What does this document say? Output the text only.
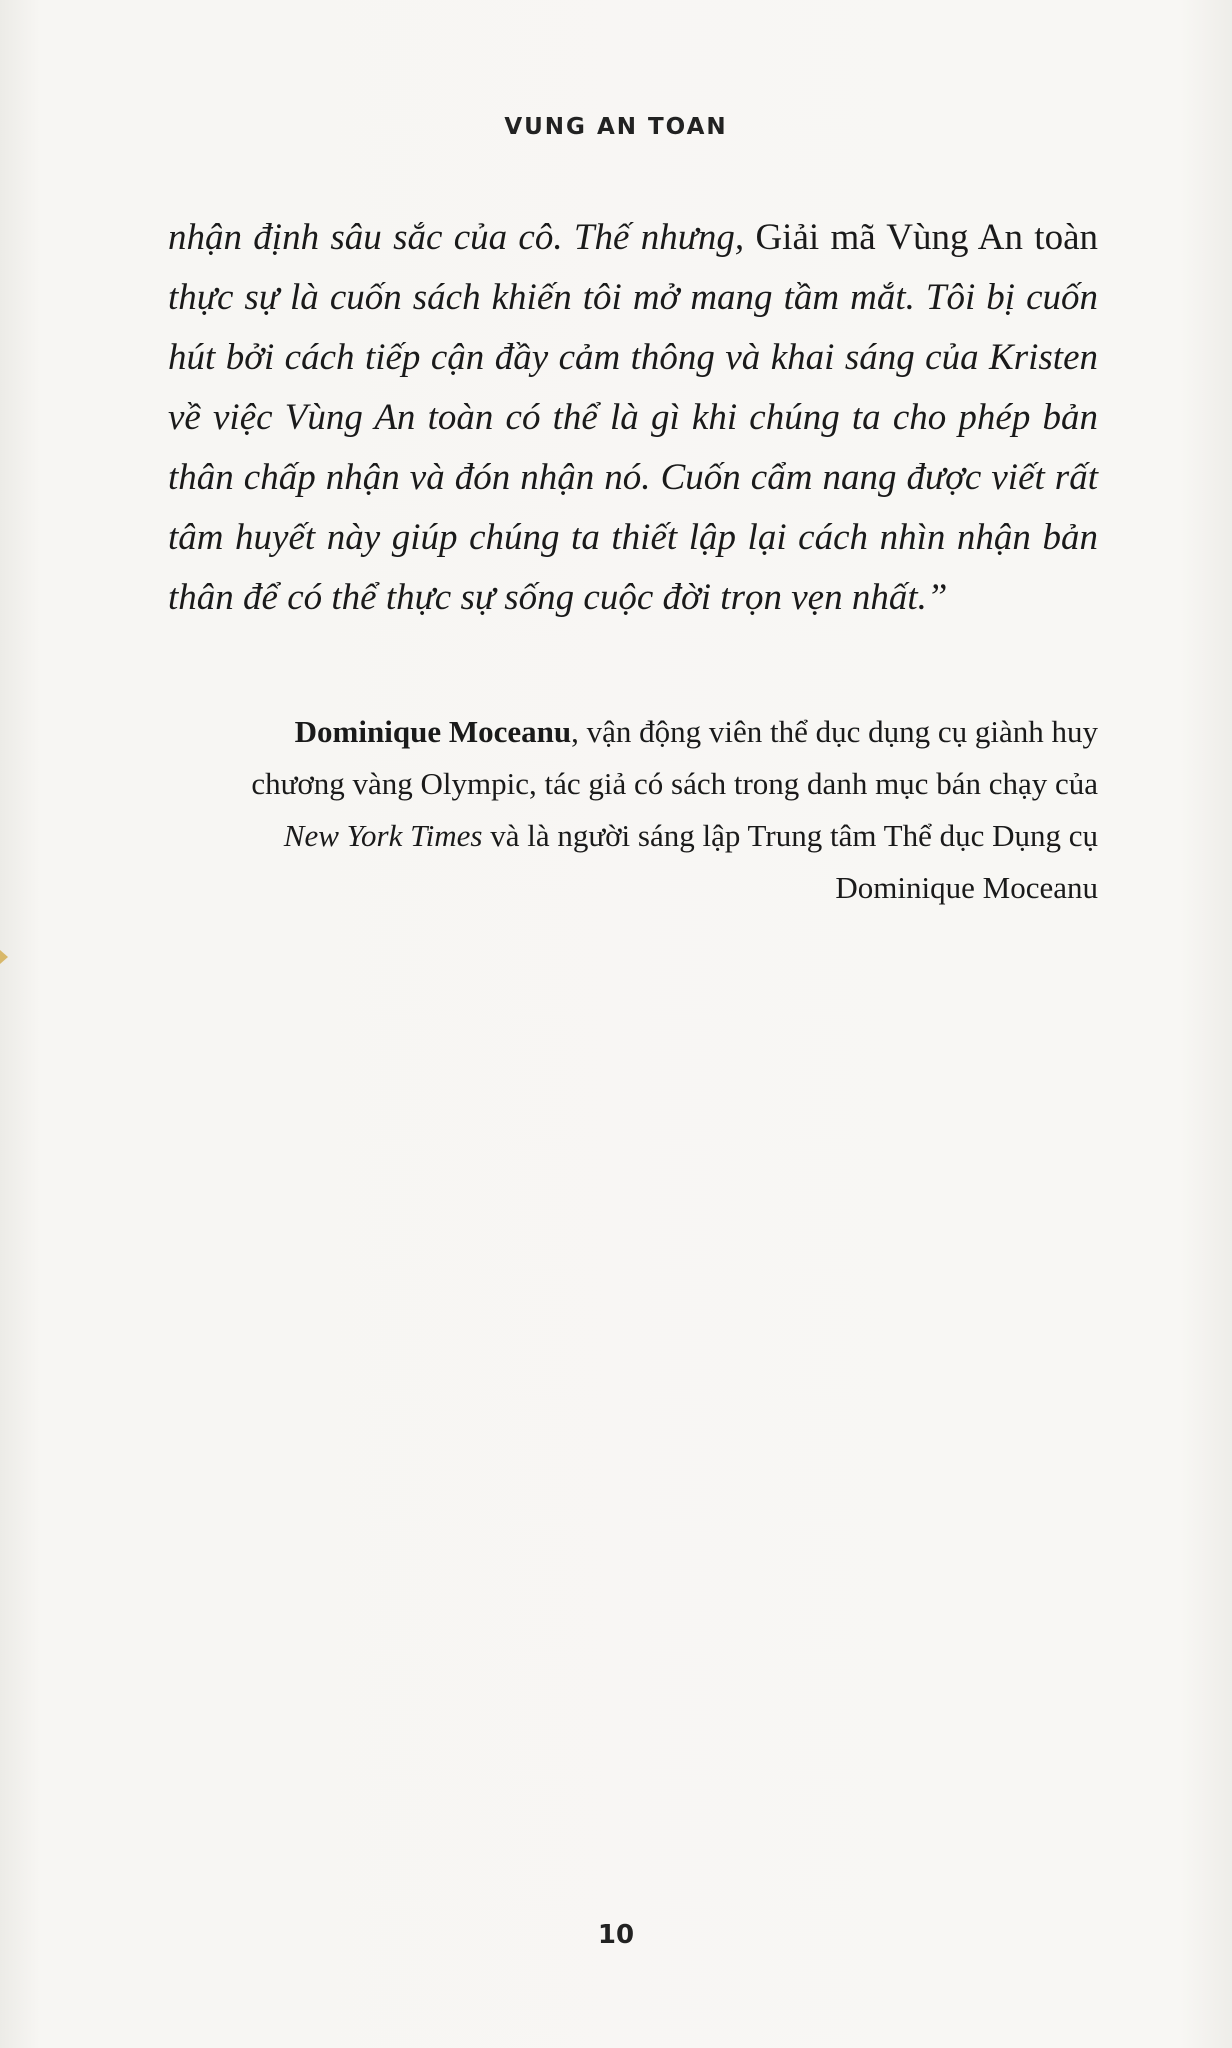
VUNG AN TOAN

nhận định sâu sắc của cô. Thế nhưng, Giải mã Vùng An toàn thực sự là cuốn sách khiến tôi mở mang tầm mắt. Tôi bị cuốn hút bởi cách tiếp cận đầy cảm thông và khai sáng của Kristen về việc Vùng An toàn có thể là gì khi chúng ta cho phép bản thân chấp nhận và đón nhận nó. Cuốn cẩm nang được viết rất tâm huyết này giúp chúng ta thiết lập lại cách nhìn nhận bản thân để có thể thực sự sống cuộc đời trọn vẹn nhất.”

Dominique Moceanu, vận động viên thể dục dụng cụ giành huy chương vàng Olympic, tác giả có sách trong danh mục bán chạy của New York Times và là người sáng lập Trung tâm Thể dục Dụng cụ Dominique Moceanu

10
